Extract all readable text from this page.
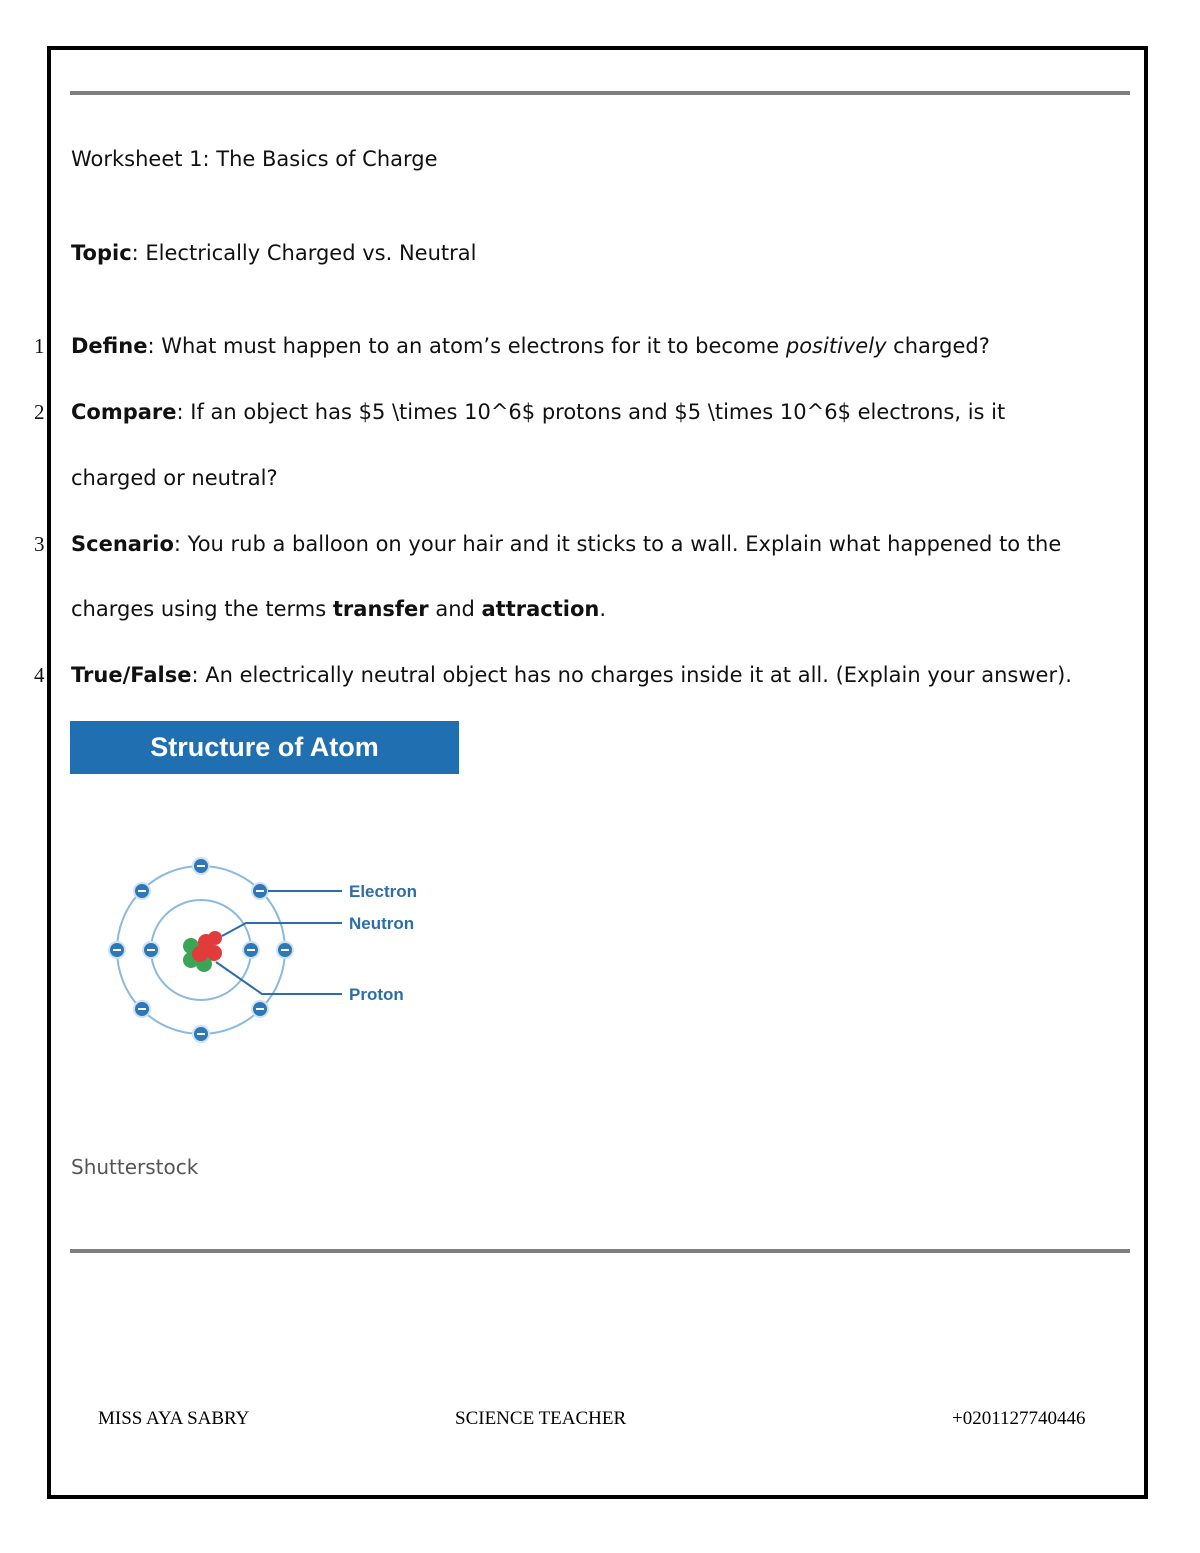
Worksheet 1: The Basics of Charge
Topic: Electrically Charged vs. Neutral
1 Define: What must happen to an atom’s electrons for it to become positively charged?
2 Compare: If an object has $5 \times 10^6$ protons and $5 \times 10^6$ electrons, is it
charged or neutral?
3 Scenario: You rub a balloon on your hair and it sticks to a wall. Explain what happened to the
charges using the terms transfer and attraction.
4 True/False: An electrically neutral object has no charges inside it at all. (Explain your answer).
Structure of Atom
Electron
Neutron
Proton
Shutterstock
MISS AYA SABRY	SCIENCE TEACHER	+0201127740446
